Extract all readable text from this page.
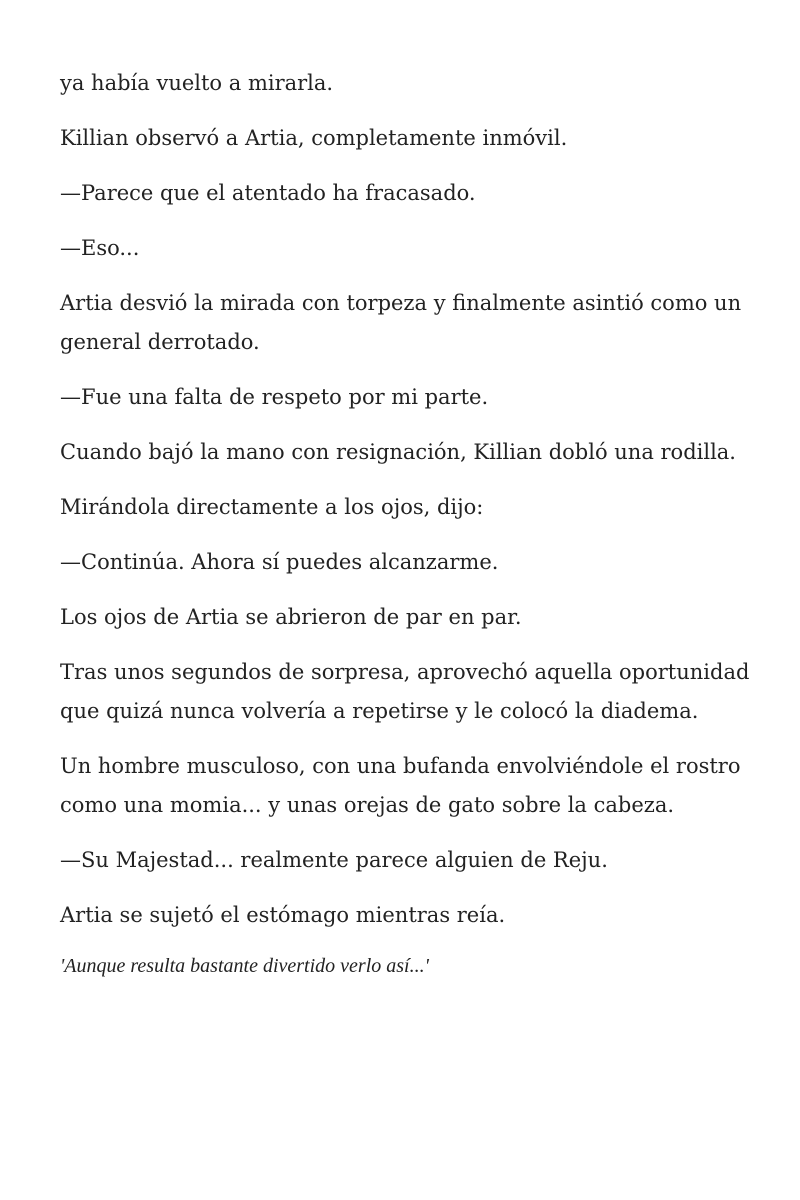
ya había vuelto a mirarla.

Killian observó a Artia, completamente inmóvil.

—Parece que el atentado ha fracasado.

—Eso...

Artia desvió la mirada con torpeza y finalmente asintió como un general derrotado.

—Fue una falta de respeto por mi parte.

Cuando bajó la mano con resignación, Killian dobló una rodilla.

Mirándola directamente a los ojos, dijo:

—Continúa. Ahora sí puedes alcanzarme.

Los ojos de Artia se abrieron de par en par.

Tras unos segundos de sorpresa, aprovechó aquella oportunidad que quizá nunca volvería a repetirse y le colocó la diadema.

Un hombre musculoso, con una bufanda envolviéndole el rostro como una momia... y unas orejas de gato sobre la cabeza.

—Su Majestad... realmente parece alguien de Reju.

Artia se sujetó el estómago mientras reía.

'Aunque resulta bastante divertido verlo así...'
